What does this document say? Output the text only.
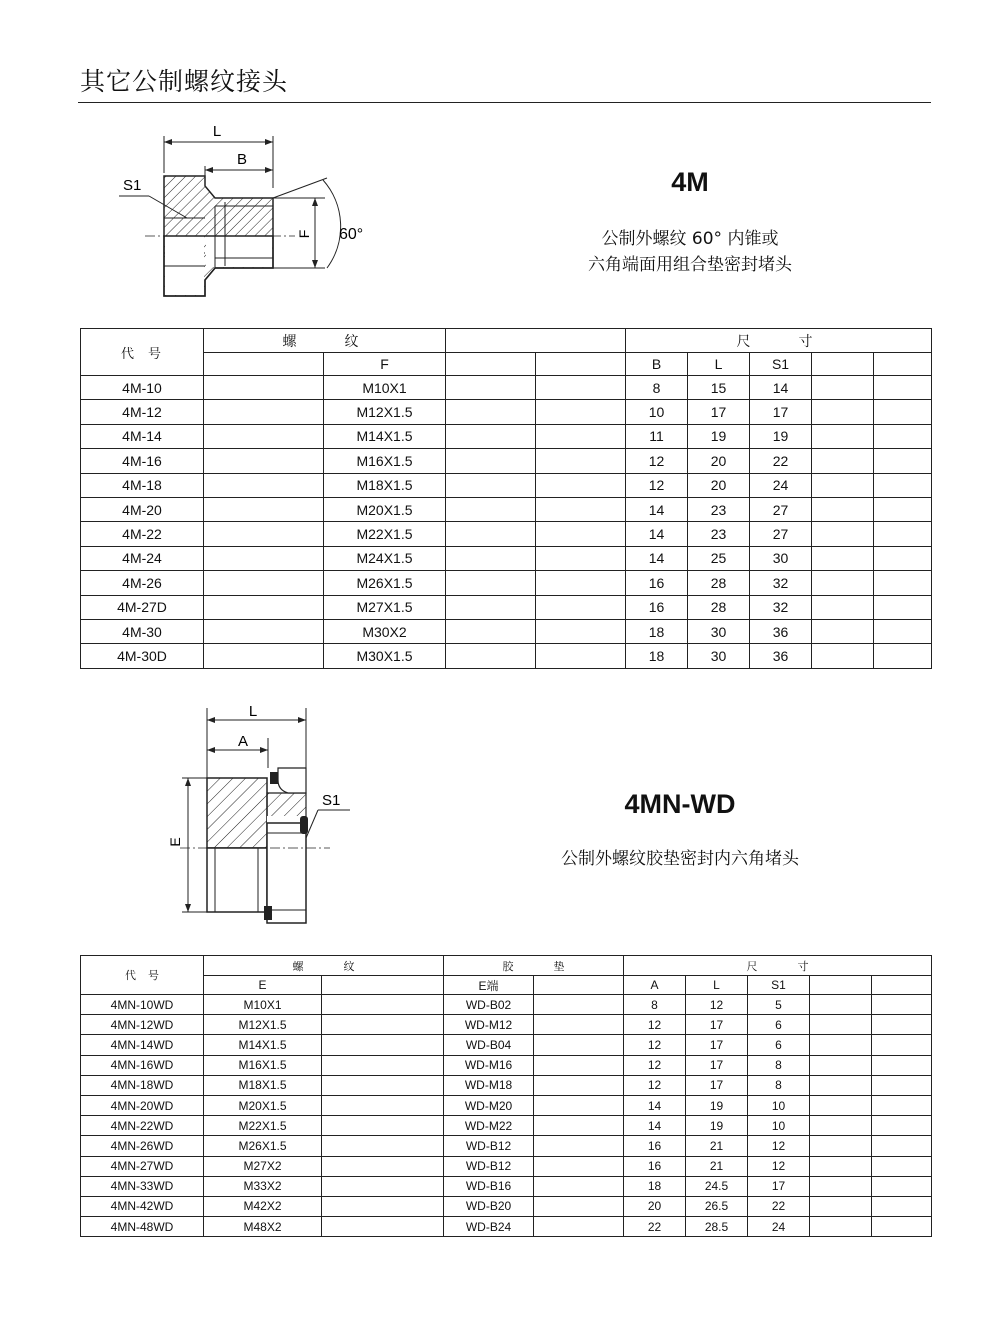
其它公制螺纹接头
L
B
S1
F 60°
4M
公制外螺纹 60° 内锥或
六角端面用组合垫密封堵头
代号	螺纹				尺寸				
		F			B	L	S1		
4M-10		M10X1			8	15	14		
4M-12		M12X1.5			10	17	17		
4M-14		M14X1.5			11	19	19		
4M-16		M16X1.5			12	20	22		
4M-18		M18X1.5			12	20	24		
4M-20		M20X1.5			14	23	27		
4M-22		M22X1.5			14	23	27		
4M-24		M24X1.5			14	25	30		
4M-26		M26X1.5			16	28	32		
4M-27D		M27X1.5			16	28	32		
4M-30		M30X2			18	30	36		
4M-30D		M30X1.5			18	30	36		
L
A
E
S1	4MN-WD
公制外螺纹胶垫密封内六角堵头
代号	螺纹		胶垫		尺寸				
	E		E端		A	L	S1		
4MN-10WD	M10X1		WD-B02		8	12	5		
4MN-12WD	M12X1.5		WD-M12		12	17	6		
4MN-14WD	M14X1.5		WD-B04		12	17	6		
4MN-16WD	M16X1.5		WD-M16		12	17	8		
4MN-18WD	M18X1.5		WD-M18		12	17	8		
4MN-20WD	M20X1.5		WD-M20		14	19	10		
4MN-22WD	M22X1.5		WD-M22		14	19	10		
4MN-26WD	M26X1.5		WD-B12		16	21	12		
4MN-27WD	M27X2		WD-B12		16	21	12		
4MN-33WD	M33X2		WD-B16		18	24.5	17		
4MN-42WD	M42X2		WD-B20		20	26.5	22		
4MN-48WD	M48X2		WD-B24		22	28.5	24		
